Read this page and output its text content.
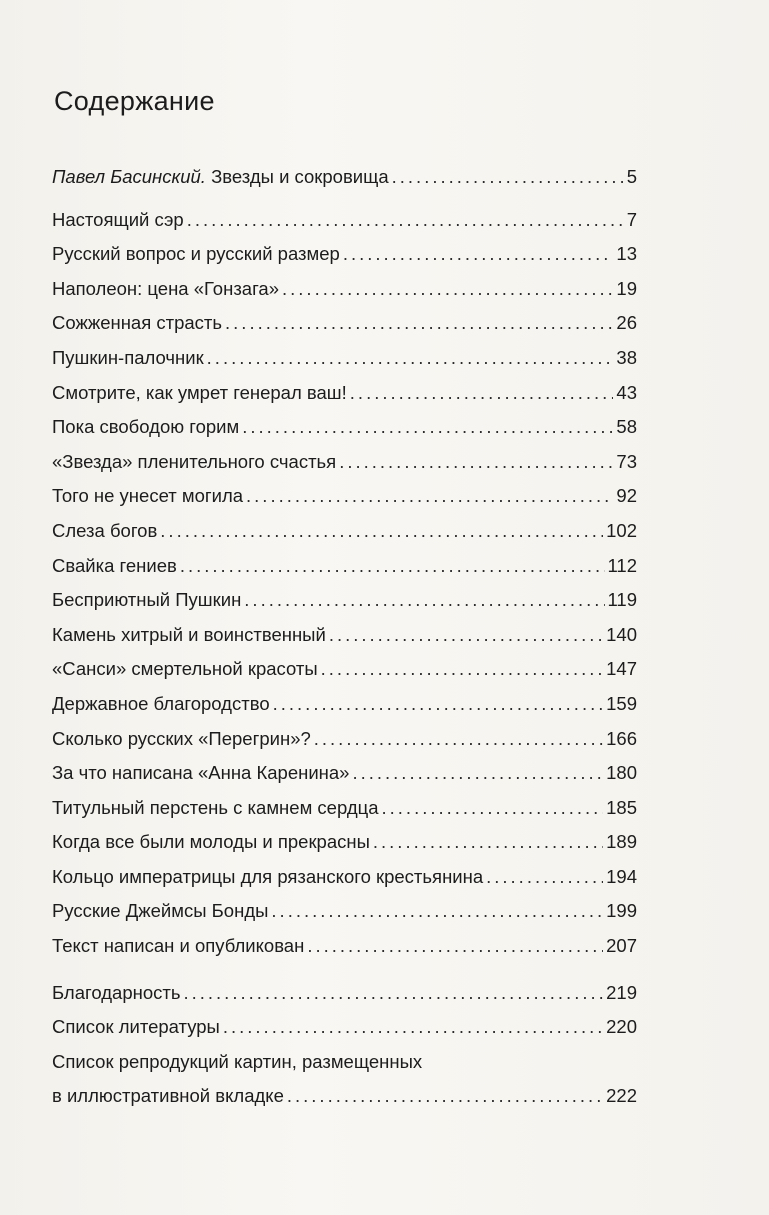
Содержание
Павел Басинский. Звезды и сокровища .....	5
Настоящий сэр .....	7
Русский вопрос и русский размер .....	13
Наполеон: цена «Гонзага» .....	19
Сожженная страсть .....	26
Пушкин-палочник .....	38
Смотрите, как умрет генерал ваш! .....	43
Пока свободою горим .....	58
«Звезда» пленительного счастья .....	73
Того не унесет могила .....	92
Слеза богов .....	102
Свайка гениев .....	112
Бесприютный Пушкин .....	119
Камень хитрый и воинственный .....	140
«Санси» смертельной красоты .....	147
Державное благородство .....	159
Сколько русских «Перегрин»? .....	166
За что написана «Анна Каренина» .....	180
Титульный перстень с камнем сердца .....	185
Когда все были молоды и прекрасны .....	189
Кольцо императрицы для рязанского крестьянина .....	194
Русские Джеймсы Бонды .....	199
Текст написан и опубликован .....	207
Благодарность .....	219
Список литературы .....	220
Список репродукций картин, размещенных
в иллюстративной вкладке .....	222
